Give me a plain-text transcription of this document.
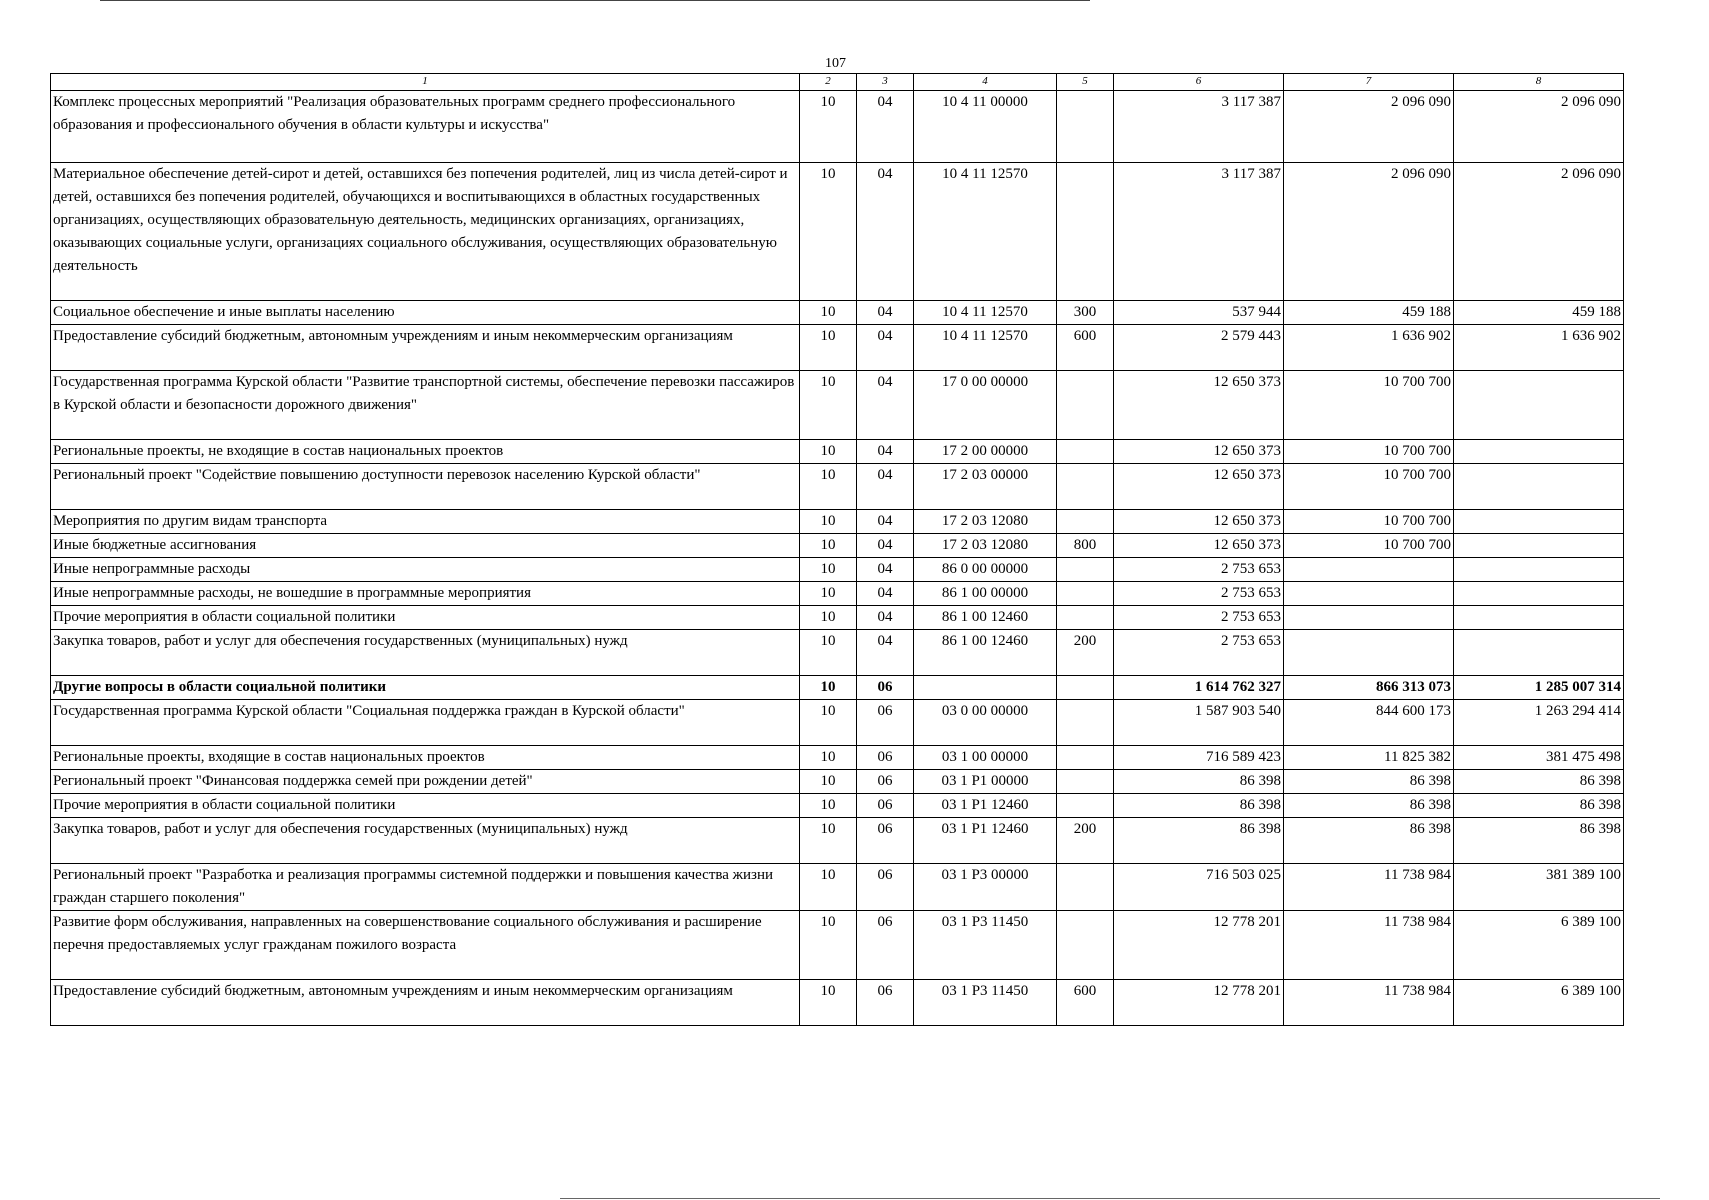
107
1	2	3	4	5	6	7	8
Комплекс процессных мероприятий "Реализация образовательных программ среднего профессионального образования и профессионального обучения в области культуры и искусства"	10	04	10 4 11 00000		3 117 387	2 096 090	2 096 090
Материальное обеспечение детей-сирот и детей, оставшихся без попечения родителей, лиц из числа детей-сирот и детей, оставшихся без попечения родителей, обучающихся и воспитывающихся в областных государственных организациях, осуществляющих образовательную деятельность, медицинских организациях, организациях, оказывающих социальные услуги, организациях социального обслуживания, осуществляющих образовательную деятельность	10	04	10 4 11 12570		3 117 387	2 096 090	2 096 090
Социальное обеспечение и иные выплаты населению	10	04	10 4 11 12570	300	537 944	459 188	459 188
Предоставление субсидий бюджетным, автономным учреждениям и иным некоммерческим организациям	10	04	10 4 11 12570	600	2 579 443	1 636 902	1 636 902
Государственная программа Курской области "Развитие транспортной системы, обеспечение перевозки пассажиров в Курской области и безопасности дорожного движения"	10	04	17 0 00 00000		12 650 373	10 700 700	
Региональные проекты, не входящие в состав национальных проектов	10	04	17 2 00 00000		12 650 373	10 700 700	
Региональный проект "Содействие повышению доступности перевозок населению Курской области"	10	04	17 2 03 00000		12 650 373	10 700 700	
Мероприятия по другим видам транспорта	10	04	17 2 03 12080		12 650 373	10 700 700	
Иные бюджетные ассигнования	10	04	17 2 03 12080	800	12 650 373	10 700 700	
Иные непрограммные расходы	10	04	86 0 00 00000		2 753 653		
Иные непрограммные расходы, не вошедшие в программные мероприятия	10	04	86 1 00 00000		2 753 653		
Прочие мероприятия в области социальной политики	10	04	86 1 00 12460		2 753 653		
Закупка товаров, работ и услуг для обеспечения государственных (муниципальных) нужд	10	04	86 1 00 12460	200	2 753 653		
Другие вопросы в области социальной политики	10	06			1 614 762 327	866 313 073	1 285 007 314
Государственная программа Курской области "Социальная поддержка граждан в Курской области"	10	06	03 0 00 00000		1 587 903 540	844 600 173	1 263 294 414
Региональные проекты, входящие в состав национальных проектов	10	06	03 1 00 00000		716 589 423	11 825 382	381 475 498
Региональный проект "Финансовая поддержка семей при рождении детей"	10	06	03 1 P1 00000		86 398	86 398	86 398
Прочие мероприятия в области социальной политики	10	06	03 1 P1 12460		86 398	86 398	86 398
Закупка товаров, работ и услуг для обеспечения государственных (муниципальных) нужд	10	06	03 1 P1 12460	200	86 398	86 398	86 398
Региональный проект "Разработка и реализация программы системной поддержки и повышения качества жизни граждан старшего поколения"	10	06	03 1 P3 00000		716 503 025	11 738 984	381 389 100
Развитие форм обслуживания, направленных на совершенствование социального обслуживания и расширение перечня предоставляемых услуг гражданам пожилого возраста	10	06	03 1 P3 11450		12 778 201	11 738 984	6 389 100
Предоставление субсидий бюджетным, автономным учреждениям и иным некоммерческим организациям	10	06	03 1 P3 11450	600	12 778 201	11 738 984	6 389 100
